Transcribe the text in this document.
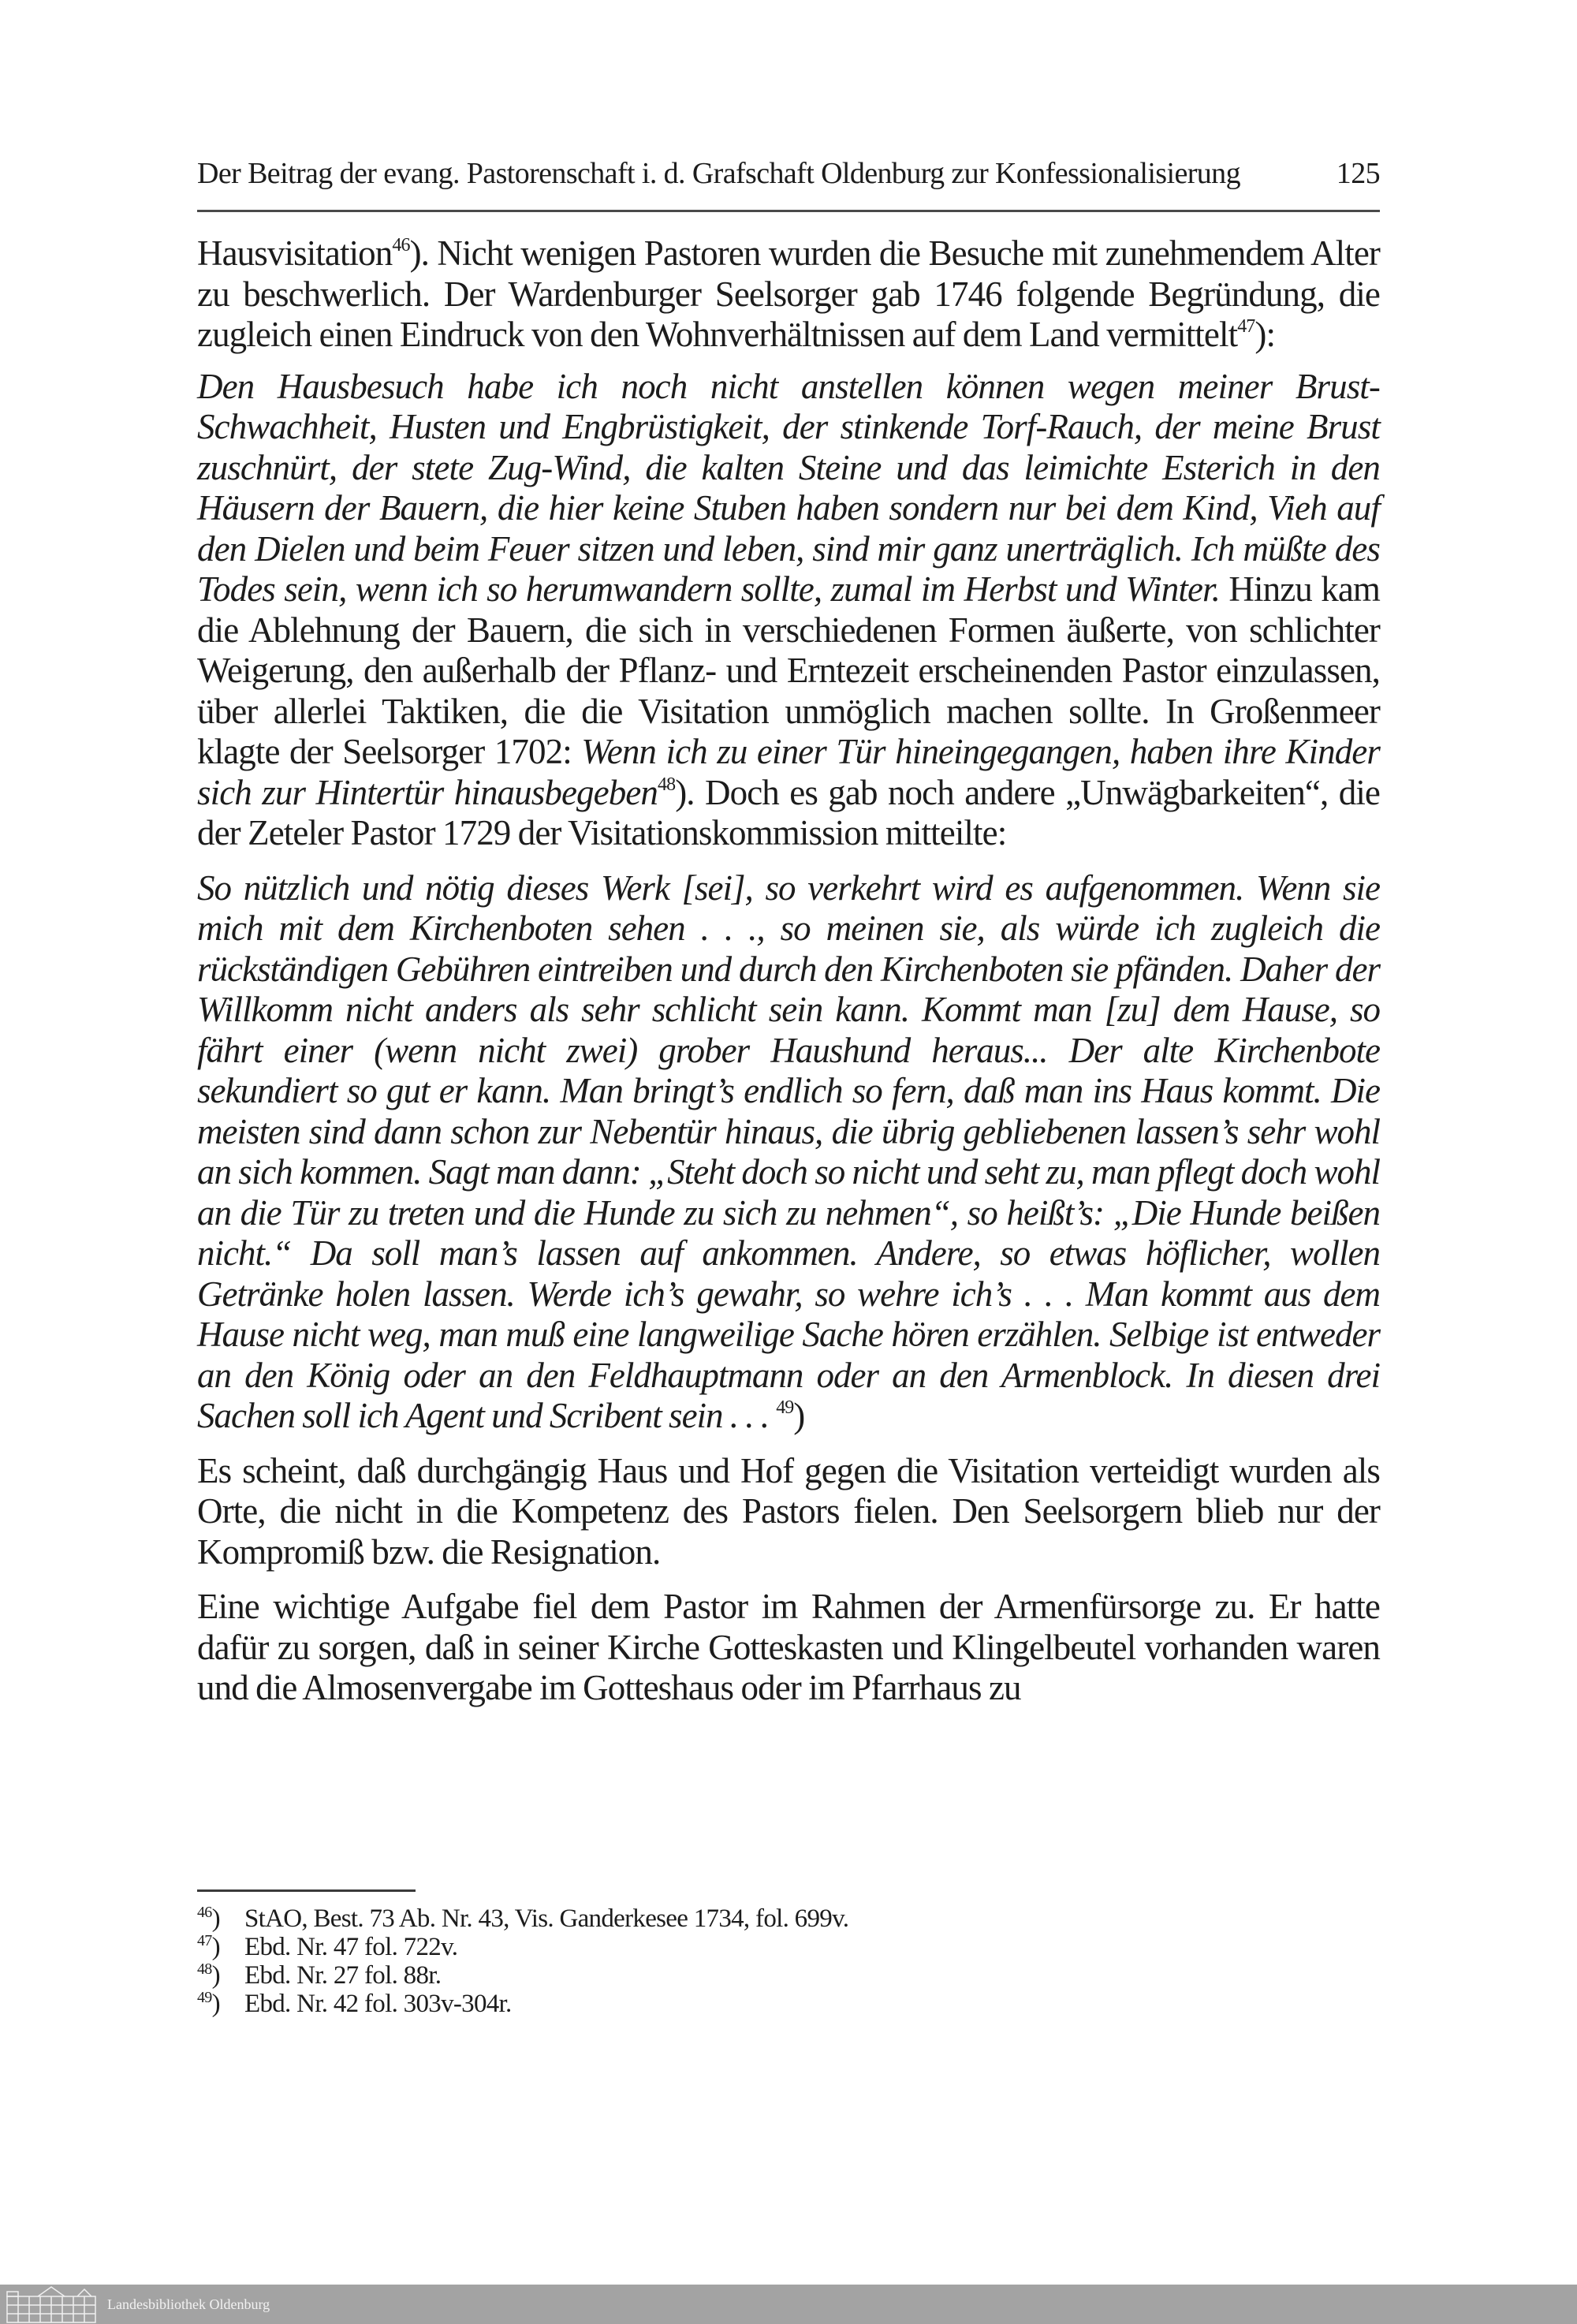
Der Beitrag der evang. Pastorenschaft i. d. Grafschaft Oldenburg zur Konfessionalisierung	125

Hausvisitation$^{46}$). Nicht wenigen Pastoren wurden die Besuche mit zunehmendem Alter zu beschwerlich. Der Wardenburger Seelsorger gab 1746 folgende Begründung, die zugleich einen Eindruck von den Wohnverhältnissen auf dem Land vermittelt$^{47}$):

Den Hausbesuch habe ich noch nicht anstellen können wegen meiner Brust-Schwachheit, Husten und Engbrüstigkeit, der stinkende Torf-Rauch, der meine Brust zuschnürt, der stete Zug-Wind, die kalten Steine und das leimichte Esterich in den Häusern der Bauern, die hier keine Stuben haben sondern nur bei dem Kind, Vieh auf den Dielen und beim Feuer sitzen und leben, sind mir ganz unerträglich. Ich müßte des Todes sein, wenn ich so herumwandern sollte, zumal im Herbst und Winter. Hinzu kam die Ablehnung der Bauern, die sich in verschiedenen Formen äußerte, von schlichter Weigerung, den außerhalb der Pflanz- und Erntezeit erscheinenden Pastor einzulassen, über allerlei Taktiken, die die Visitation unmöglich machen sollte. In Großenmeer klagte der Seelsorger 1702: Wenn ich zu einer Tür hineingegangen, haben ihre Kinder sich zur Hintertür hinausbegeben$^{48}$). Doch es gab noch andere „Unwägbarkeiten“, die der Zeteler Pastor 1729 der Visitationskommission mitteilte:

So nützlich und nötig dieses Werk [sei], so verkehrt wird es aufgenommen. Wenn sie mich mit dem Kirchenboten sehen . . ., so meinen sie, als würde ich zugleich die rückständigen Gebühren eintreiben und durch den Kirchenboten sie pfänden. Daher der Willkomm nicht anders als sehr schlicht sein kann. Kommt man [zu] dem Hause, so fährt einer (wenn nicht zwei) grober Haushund heraus... Der alte Kirchenbote sekundiert so gut er kann. Man bringt’s endlich so fern, daß man ins Haus kommt. Die meisten sind dann schon zur Nebentür hinaus, die übrig gebliebenen lassen’s sehr wohl an sich kommen. Sagt man dann: „Steht doch so nicht und seht zu, man pflegt doch wohl an die Tür zu treten und die Hunde zu sich zu nehmen“, so heißt’s: „Die Hunde beißen nicht.“ Da soll man’s lassen auf ankommen. Andere, so etwas höflicher, wollen Getränke holen lassen. Werde ich’s gewahr, so wehre ich’s . . . Man kommt aus dem Hause nicht weg, man muß eine langweilige Sache hören erzählen. Selbige ist entweder an den König oder an den Feldhauptmann oder an den Armenblock. In diesen drei Sachen soll ich Agent und Scribent sein . . . $^{49}$)

Es scheint, daß durchgängig Haus und Hof gegen die Visitation verteidigt wurden als Orte, die nicht in die Kompetenz des Pastors fielen. Den Seelsorgern blieb nur der Kompromiß bzw. die Resignation.

Eine wichtige Aufgabe fiel dem Pastor im Rahmen der Armenfürsorge zu. Er hatte dafür zu sorgen, daß in seiner Kirche Gotteskasten und Klingelbeutel vorhanden waren und die Almosenvergabe im Gotteshaus oder im Pfarrhaus zu

$^{46}$) StAO, Best. 73 Ab. Nr. 43, Vis. Ganderkesee 1734, fol. 699v.
$^{47}$) Ebd. Nr. 47 fol. 722v.
$^{48}$) Ebd. Nr. 27 fol. 88r.
$^{49}$) Ebd. Nr. 42 fol. 303v-304r.
Landesbibliothek Oldenburg
